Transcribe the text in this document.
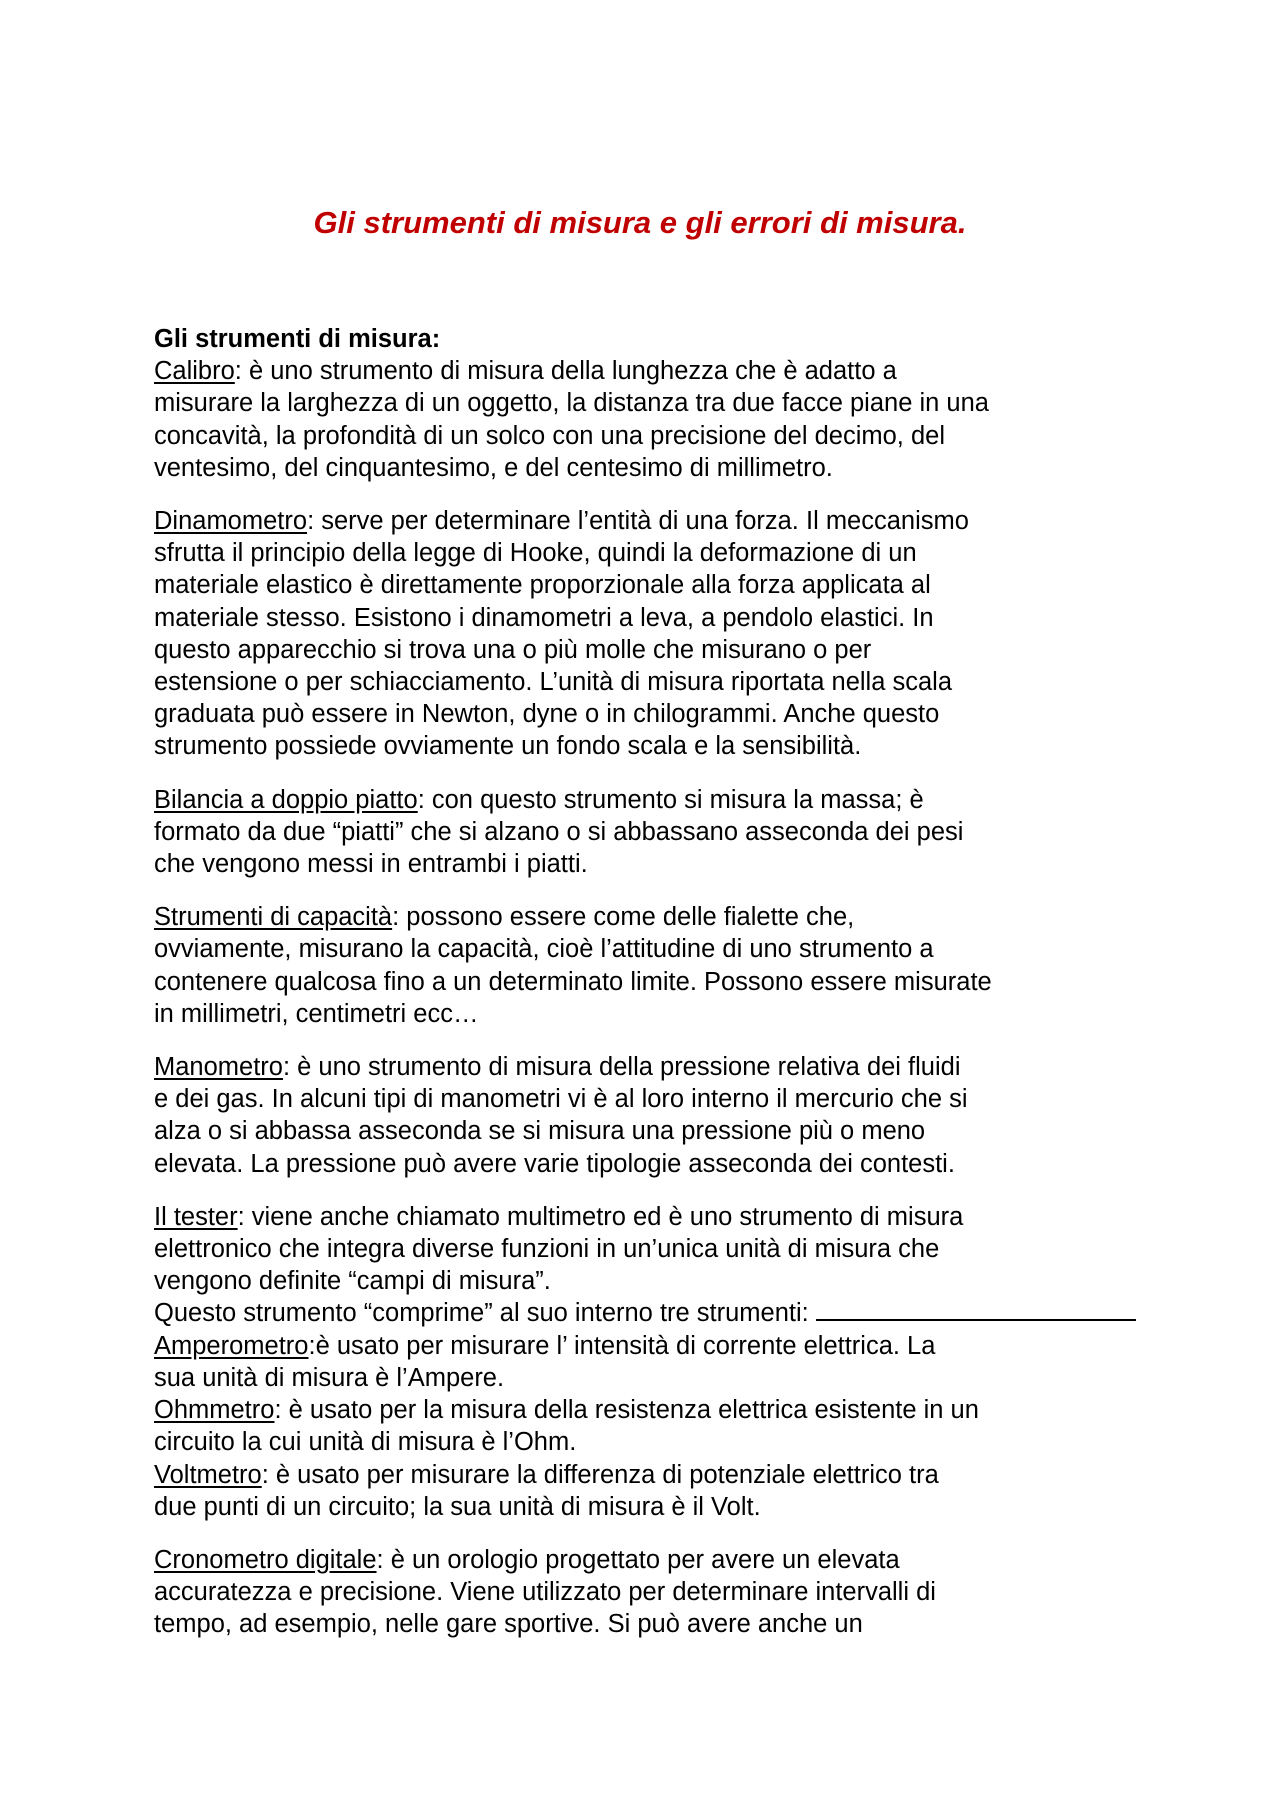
Gli strumenti di misura e gli errori di misura.
Gli strumenti di misura:
Calibro: è uno strumento di misura della lunghezza che è adatto a
misurare la larghezza di un oggetto, la distanza tra due facce piane in una
concavità, la profondità di un solco con una precisione del decimo, del
ventesimo, del cinquantesimo, e del centesimo di millimetro.
Dinamometro: serve per determinare l’entità di una forza. Il meccanismo
sfrutta il principio della legge di Hooke, quindi la deformazione di un
materiale elastico è direttamente proporzionale alla forza applicata al
materiale stesso. Esistono i dinamometri a leva, a pendolo elastici. In
questo apparecchio si trova una o più molle che misurano o per
estensione o per schiacciamento. L’unità di misura riportata nella scala
graduata può essere in Newton, dyne o in chilogrammi. Anche questo
strumento possiede ovviamente un fondo scala e la sensibilità.
Bilancia a doppio piatto: con questo strumento si misura la massa; è
formato da due “piatti” che si alzano o si abbassano asseconda dei pesi
che vengono messi in entrambi i piatti.
Strumenti di capacità: possono essere come delle fialette che,
ovviamente, misurano la capacità, cioè l’attitudine di uno strumento a
contenere qualcosa fino a un determinato limite. Possono essere misurate
in millimetri, centimetri ecc…
Manometro: è uno strumento di misura della pressione relativa dei fluidi
e dei gas. In alcuni tipi di manometri vi è al loro interno il mercurio che si
alza o si abbassa asseconda se si misura una pressione più o meno
elevata. La pressione può avere varie tipologie asseconda dei contesti.
Il tester: viene anche chiamato multimetro ed è uno strumento di misura
elettronico che integra diverse funzioni in un’unica unità di misura che
vengono definite “campi di misura”.
Questo strumento “comprime” al suo interno tre strumenti:
Amperometro:è usato per misurare l’ intensità di corrente elettrica. La
sua unità di misura è l’Ampere.
Ohmmetro: è usato per la misura della resistenza elettrica esistente in un
circuito la cui unità di misura è l’Ohm.
Voltmetro: è usato per misurare la differenza di potenziale elettrico tra
due punti di un circuito; la sua unità di misura è il Volt.
Cronometro digitale: è un orologio progettato per avere un elevata
accuratezza e precisione. Viene utilizzato per determinare intervalli di
tempo, ad esempio, nelle gare sportive. Si può avere anche un
